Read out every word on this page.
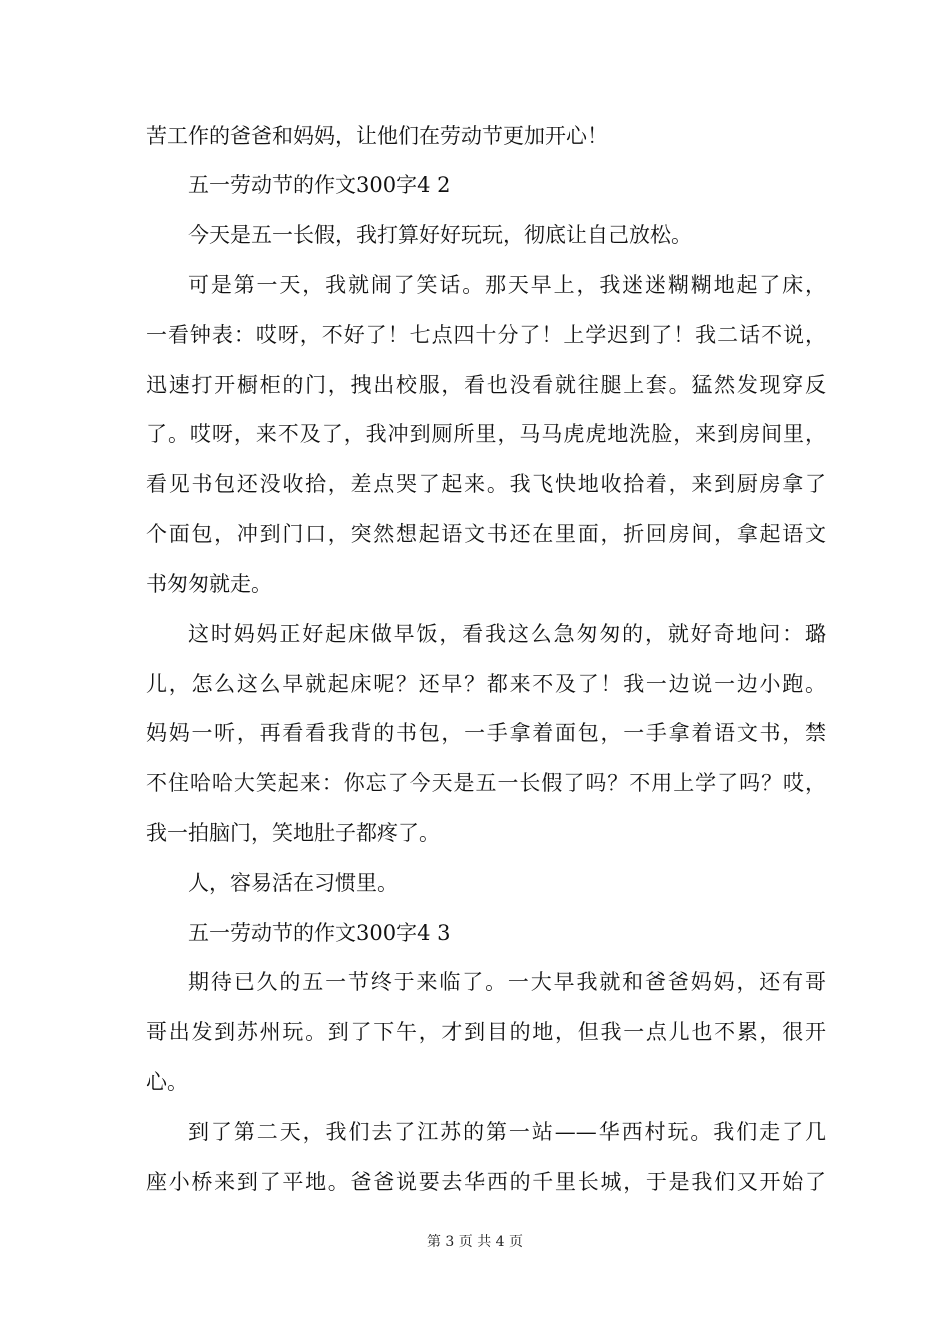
苦工作的爸爸和妈妈，让他们在劳动节更加开心！
五一劳动节的作文300字4 2
今天是五一长假，我打算好好玩玩，彻底让自己放松。
可是第一天，我就闹了笑话。那天早上，我迷迷糊糊地起了床，
一看钟表：哎呀，不好了！七点四十分了！上学迟到了！我二话不说，
迅速打开橱柜的门，拽出校服，看也没看就往腿上套。猛然发现穿反
了。哎呀，来不及了，我冲到厕所里，马马虎虎地洗脸，来到房间里，
看见书包还没收拾，差点哭了起来。我飞快地收拾着，来到厨房拿了
个面包，冲到门口，突然想起语文书还在里面，折回房间，拿起语文
书匆匆就走。
这时妈妈正好起床做早饭，看我这么急匆匆的，就好奇地问：璐
儿，怎么这么早就起床呢？还早？都来不及了！我一边说一边小跑。
妈妈一听，再看看我背的书包，一手拿着面包，一手拿着语文书，禁
不住哈哈大笑起来：你忘了今天是五一长假了吗？不用上学了吗？哎，
我一拍脑门，笑地肚子都疼了。
人，容易活在习惯里。
五一劳动节的作文300字4 3
期待已久的五一节终于来临了。一大早我就和爸爸妈妈，还有哥
哥出发到苏州玩。到了下午，才到目的地，但我一点儿也不累，很开
心。
到了第二天，我们去了江苏的第一站——华西村玩。我们走了几
座小桥来到了平地。爸爸说要去华西的千里长城，于是我们又开始了
第 3 页 共 4 页
